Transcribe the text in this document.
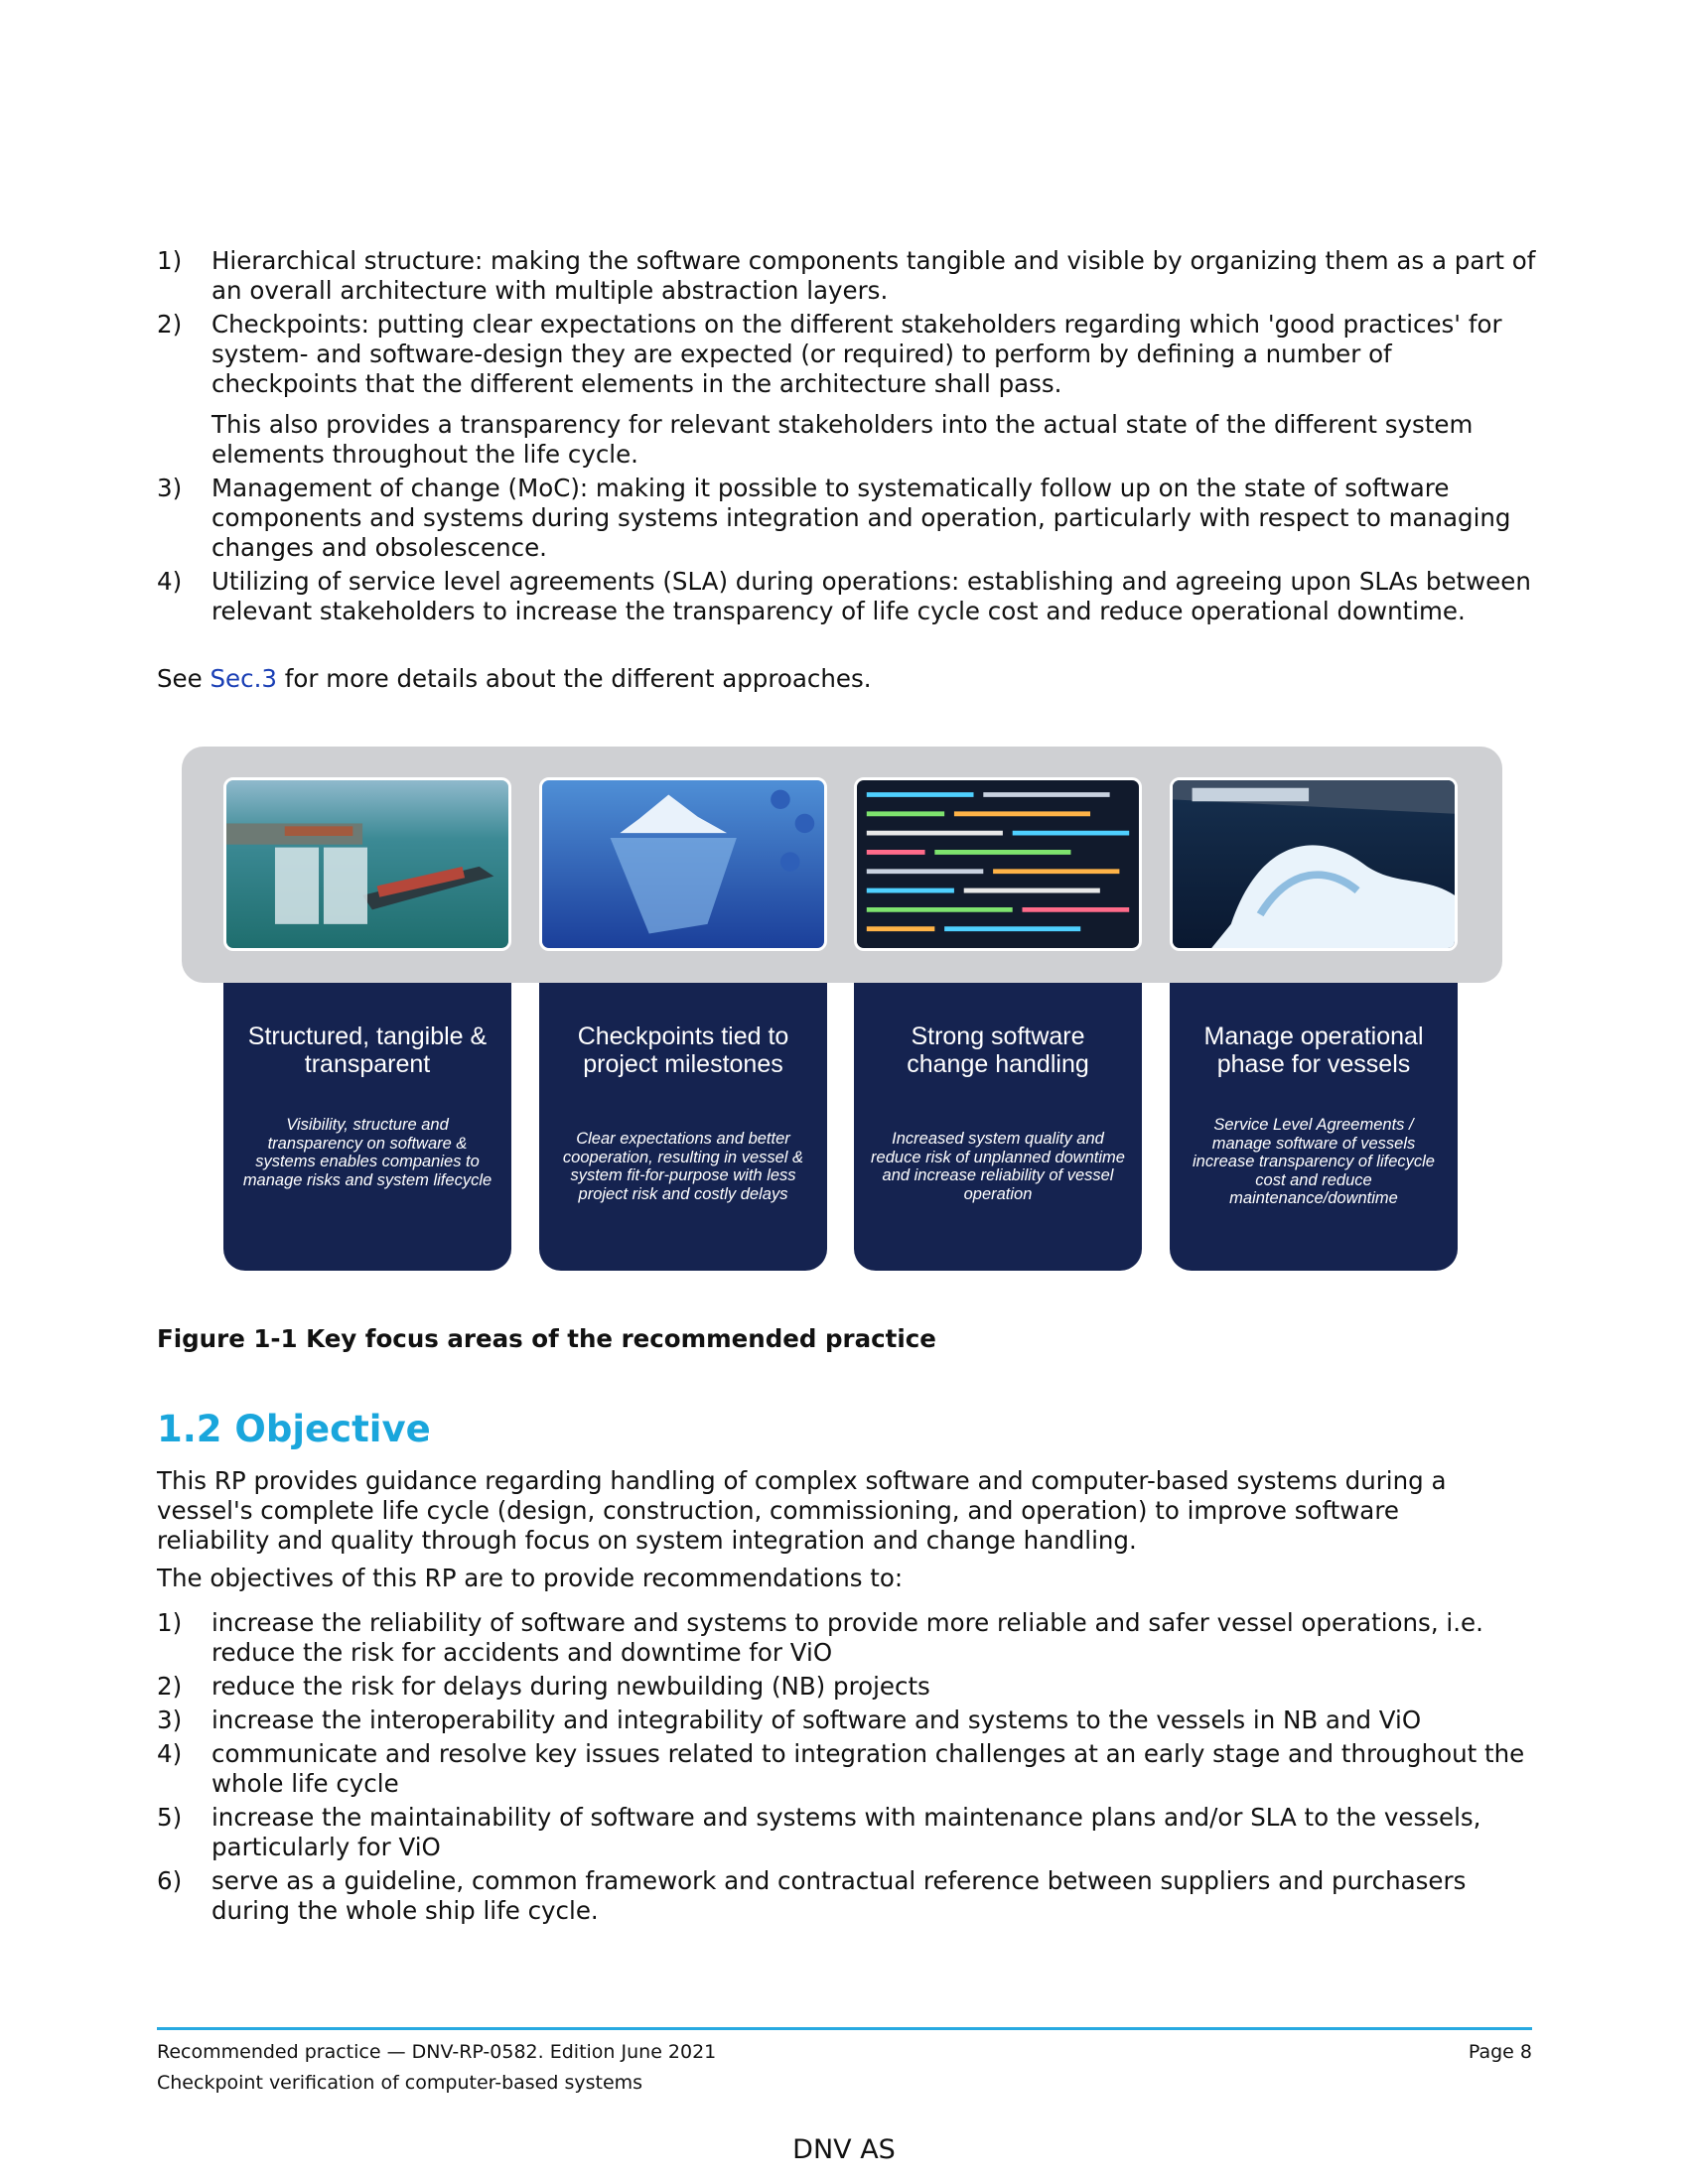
1) Hierarchical structure: making the software components tangible and visible by organizing them as a part of an overall architecture with multiple abstraction layers.
2) Checkpoints: putting clear expectations on the different stakeholders regarding which 'good practices' for system- and software-design they are expected (or required) to perform by defining a number of checkpoints that the different elements in the architecture shall pass.
This also provides a transparency for relevant stakeholders into the actual state of the different system elements throughout the life cycle.
3) Management of change (MoC): making it possible to systematically follow up on the state of software components and systems during systems integration and operation, particularly with respect to managing changes and obsolescence.
4) Utilizing of service level agreements (SLA) during operations: establishing and agreeing upon SLAs between relevant stakeholders to increase the transparency of life cycle cost and reduce operational downtime.

See Sec.3 for more details about the different approaches.

Structured, tangible & transparent
Visibility, structure and transparency on software & systems enables companies to manage risks and system lifecycle
Checkpoints tied to project milestones
Clear expectations and better cooperation, resulting in vessel & system fit-for-purpose with less project risk and costly delays
Strong software change handling
Increased system quality and reduce risk of unplanned downtime and increase reliability of vessel operation
Manage operational phase for vessels
Service Level Agreements / manage software of vessels increase transparency of lifecycle cost and reduce maintenance/downtime

Figure 1-1 Key focus areas of the recommended practice

1.2 Objective

This RP provides guidance regarding handling of complex software and computer-based systems during a vessel's complete life cycle (design, construction, commissioning, and operation) to improve software reliability and quality through focus on system integration and change handling.

The objectives of this RP are to provide recommendations to:

1) increase the reliability of software and systems to provide more reliable and safer vessel operations, i.e. reduce the risk for accidents and downtime for ViO
2) reduce the risk for delays during newbuilding (NB) projects
3) increase the interoperability and integrability of software and systems to the vessels in NB and ViO
4) communicate and resolve key issues related to integration challenges at an early stage and throughout the whole life cycle
5) increase the maintainability of software and systems with maintenance plans and/or SLA to the vessels, particularly for ViO
6) serve as a guideline, common framework and contractual reference between suppliers and purchasers during the whole ship life cycle.
Recommended practice — DNV-RP-0582. Edition June 2021
Checkpoint verification of computer-based systems
Page 8
DNV AS
